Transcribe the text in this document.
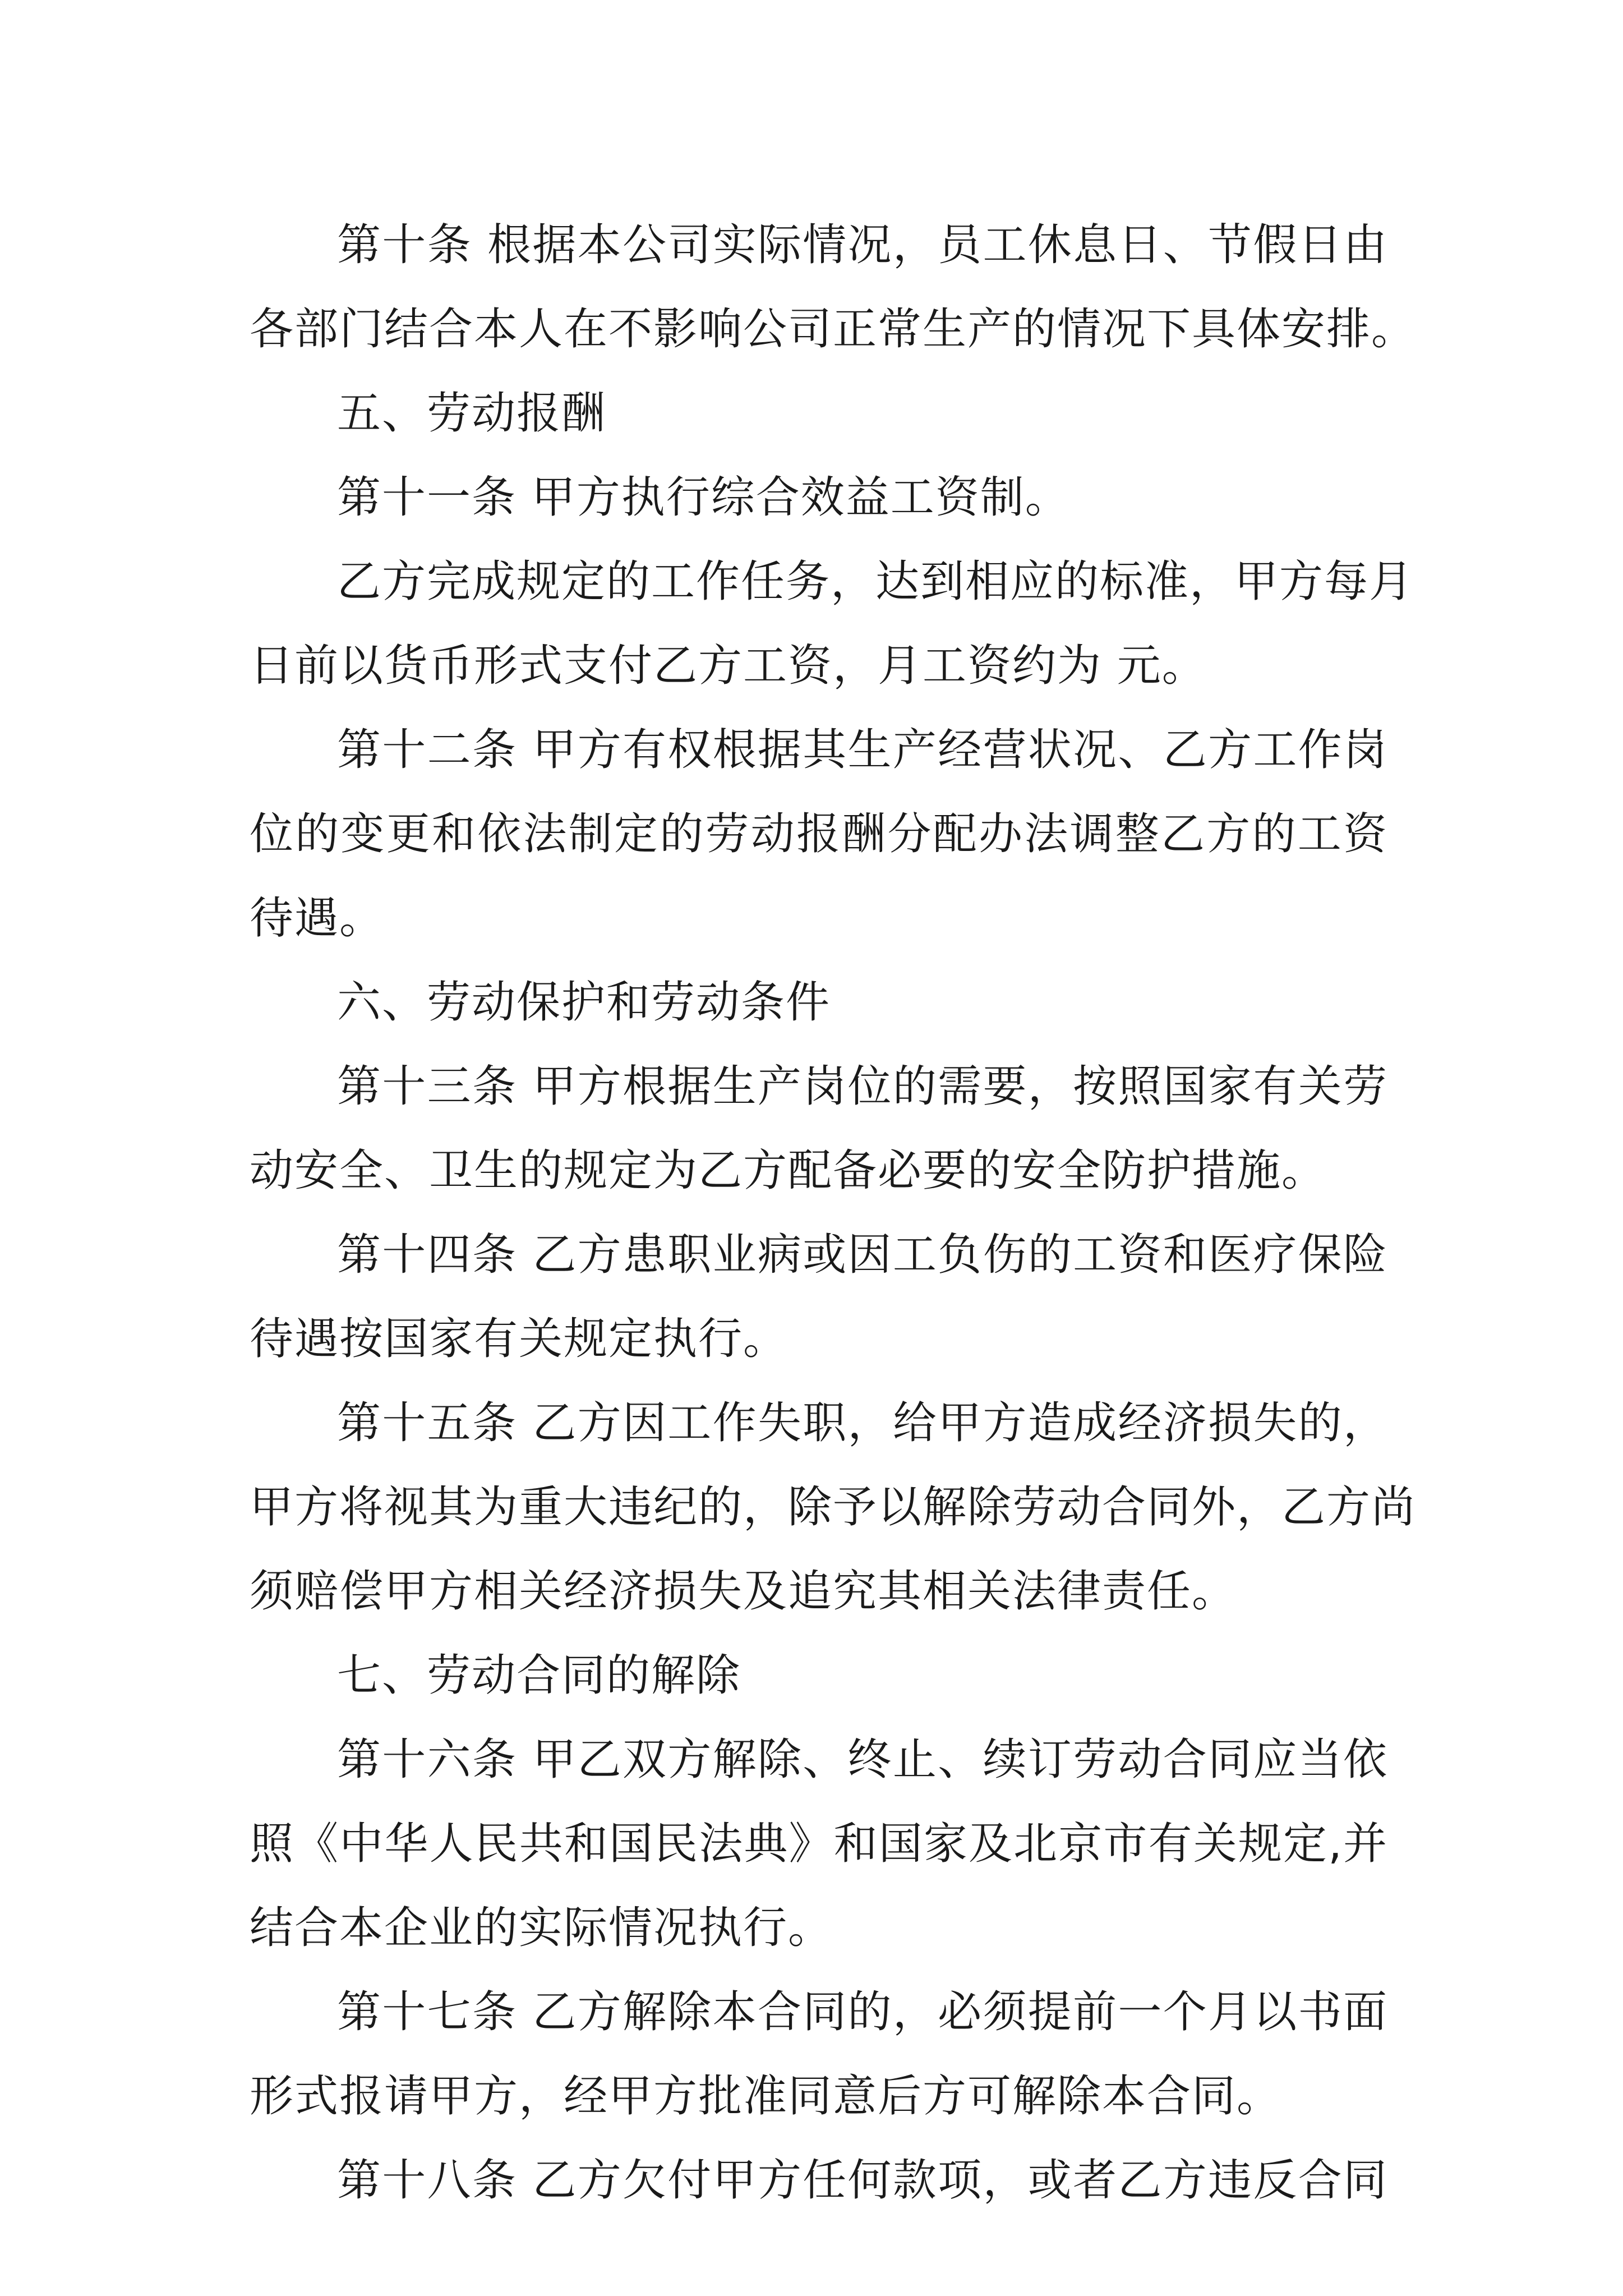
第十条 根据本公司实际情况，员工休息日、节假日由
各部门结合本人在不影响公司正常生产的情况下具体安排。
五、劳动报酬
第十一条 甲方执行综合效益工资制。
乙方完成规定的工作任务，达到相应的标准，甲方每月
日前以货币形式支付乙方工资，月工资约为 元。
第十二条 甲方有权根据其生产经营状况、乙方工作岗
位的变更和依法制定的劳动报酬分配办法调整乙方的工资
待遇。
六、劳动保护和劳动条件
第十三条 甲方根据生产岗位的需要，按照国家有关劳
动安全、卫生的规定为乙方配备必要的安全防护措施。
第十四条 乙方患职业病或因工负伤的工资和医疗保险
待遇按国家有关规定执行。
第十五条 乙方因工作失职，给甲方造成经济损失的，
甲方将视其为重大违纪的，除予以解除劳动合同外，乙方尚
须赔偿甲方相关经济损失及追究其相关法律责任。
七、劳动合同的解除
第十六条 甲乙双方解除、终止、续订劳动合同应当依
照《中华人民共和国民法典》和国家及北京市有关规定,并
结合本企业的实际情况执行。
第十七条 乙方解除本合同的，必须提前一个月以书面
形式报请甲方，经甲方批准同意后方可解除本合同。
第十八条 乙方欠付甲方任何款项，或者乙方违反合同
